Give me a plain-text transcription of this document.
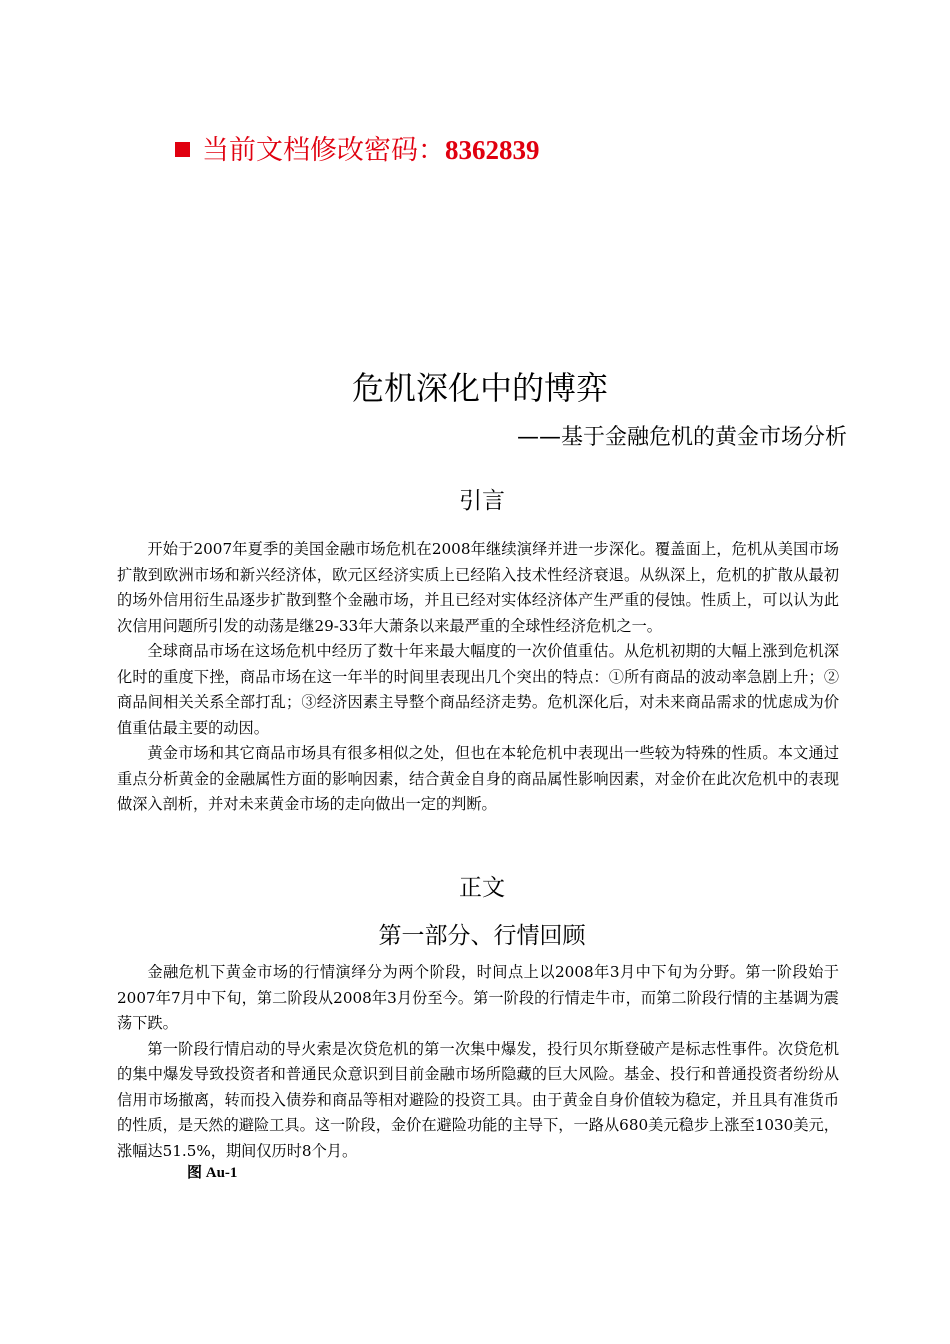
当前文档修改密码：8362839
危机深化中的博弈
——基于金融危机的黄金市场分析
引言

开始于2007年夏季的美国金融市场危机在2008年继续演绎并进一步深化。覆盖面上，危机从美国市场扩散到欧洲市场和新兴经济体，欧元区经济实质上已经陷入技术性经济衰退。从纵深上，危机的扩散从最初的场外信用衍生品逐步扩散到整个金融市场，并且已经对实体经济体产生严重的侵蚀。性质上，可以认为此次信用问题所引发的动荡是继29-33年大萧条以来最严重的全球性经济危机之一。

全球商品市场在这场危机中经历了数十年来最大幅度的一次价值重估。从危机初期的大幅上涨到危机深化时的重度下挫，商品市场在这一年半的时间里表现出几个突出的特点：①所有商品的波动率急剧上升；②商品间相关关系全部打乱；③经济因素主导整个商品经济走势。危机深化后，对未来商品需求的忧虑成为价值重估最主要的动因。

黄金市场和其它商品市场具有很多相似之处，但也在本轮危机中表现出一些较为特殊的性质。本文通过重点分析黄金的金融属性方面的影响因素，结合黄金自身的商品属性影响因素，对金价在此次危机中的表现做深入剖析，并对未来黄金市场的走向做出一定的判断。

正文
第一部分、行情回顾

金融危机下黄金市场的行情演绎分为两个阶段，时间点上以2008年3月中下旬为分野。第一阶段始于2007年7月中下旬，第二阶段从2008年3月份至今。第一阶段的行情走牛市，而第二阶段行情的主基调为震荡下跌。

第一阶段行情启动的导火索是次贷危机的第一次集中爆发，投行贝尔斯登破产是标志性事件。次贷危机的集中爆发导致投资者和普通民众意识到目前金融市场所隐藏的巨大风险。基金、投行和普通投资者纷纷从信用市场撤离，转而投入债券和商品等相对避险的投资工具。由于黄金自身价值较为稳定，并且具有准货币的性质，是天然的避险工具。这一阶段，金价在避险功能的主导下，一路从680美元稳步上涨至1030美元，涨幅达51.5%，期间仅历时8个月。

图 Au-1
